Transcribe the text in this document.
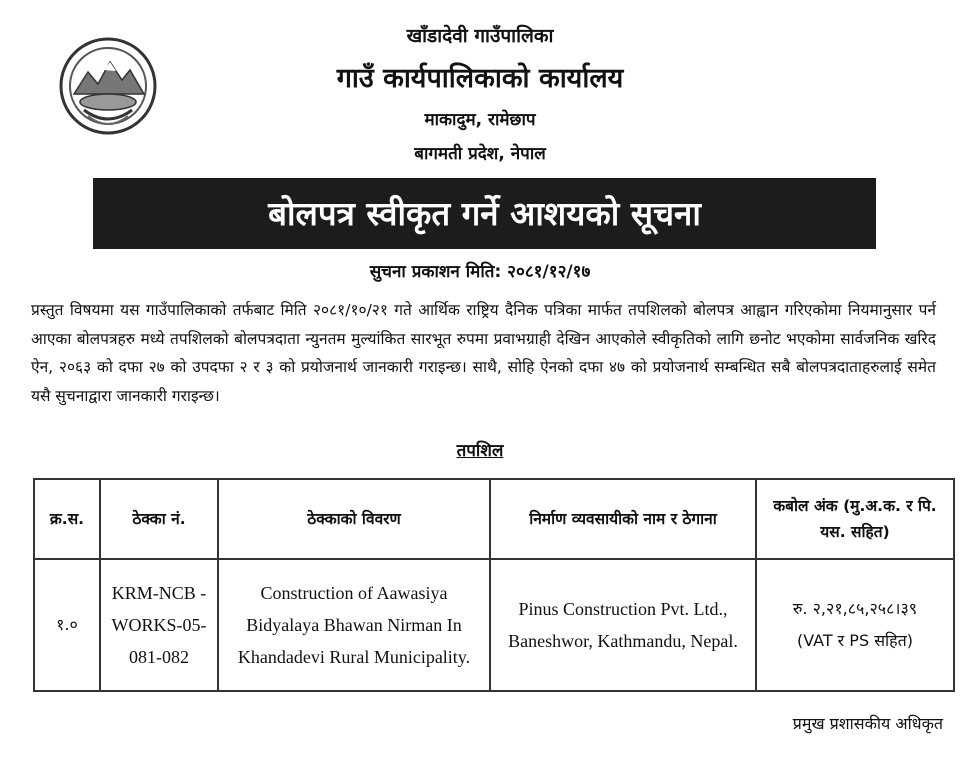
खाँडादेवी गाउँपालिका
गाउँ कार्यपालिकाको कार्यालय
माकादुम, रामेछाप
बागमती प्रदेश, नेपाल
बोलपत्र स्वीकृत गर्ने आशयको सूचना
सुचना प्रकाशन मिति: २०८१/१२/१७
प्रस्तुत विषयमा यस गाउँपालिकाको तर्फबाट मिति २०८१/१०/२१ गते आर्थिक राष्ट्रिय दैनिक पत्रिका मार्फत तपशिलको बोलपत्र आह्वान गरिएकोमा नियमानुसार पर्न आएका बोलपत्रहरु मध्ये तपशिलको बोलपत्रदाता न्युनतम मुल्यांकित सारभूत रुपमा प्रवाभग्राही देखिन आएकोले स्वीकृतिको लागि छनोट भएकोमा सार्वजनिक खरिद ऐन, २०६३ को दफा २७ को उपदफा २ र ३ को प्रयोजनार्थ जानकारी गराइन्छ। साथै, सोहि ऐनको दफा ४७ को प्रयोजनार्थ सम्बन्धित सबै बोलपत्रदाताहरुलाई समेत यसै सुचनाद्वारा जानकारी गराइन्छ।
तपशिल
क्र.स.	ठेक्का नं.	ठेक्काको विवरण	निर्माण व्यवसायीको नाम र ठेगाना	कबोल अंक (मु.अ.क. र पि. यस. सहित)
१.०	KRM-NCB -WORKS-05-081-082	Construction of Aawasiya Bidyalaya Bhawan Nirman In Khandadevi Rural Municipality.	Pinus Construction Pvt. Ltd., Baneshwor, Kathmandu, Nepal.	रु. २,२१,८५,२५८।३९
(VAT र PS सहित)
प्रमुख प्रशासकीय अधिकृत
